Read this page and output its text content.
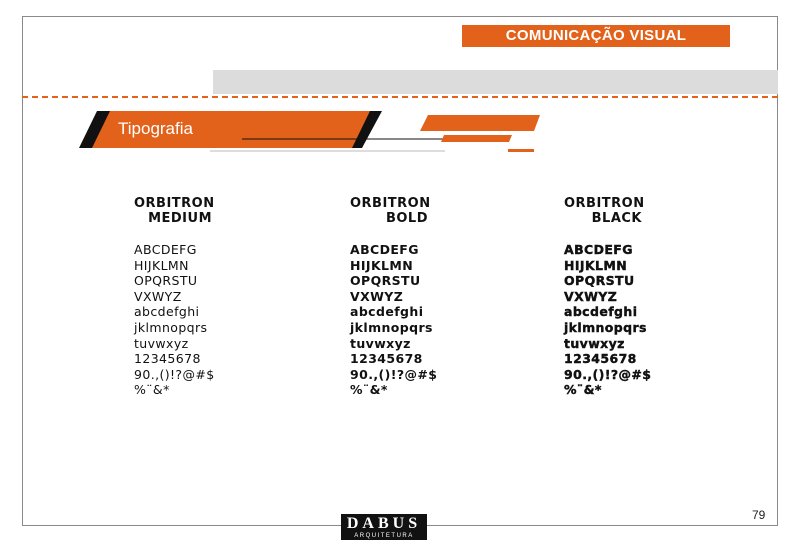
COMUNICAÇÃO VISUAL
Tipografia
ORBITRON
MEDIUM
ABCDEFG
HIJKLMN
OPQRSTU
VXWYZ
abcdefghi
jklmnopqrs
tuvwxyz
12345678
90.,()!?@#$
%¨&*
ORBITRON
BOLD
ABCDEFG
HIJKLMN
OPQRSTU
VXWYZ
abcdefghi
jklmnopqrs
tuvwxyz
12345678
90.,()!?@#$
%¨&*
ORBITRON
BLACK
ABCDEFG
HIJKLMN
OPQRSTU
VXWYZ
abcdefghi
jklmnopqrs
tuvwxyz
12345678
90.,()!?@#$
%¨&*
79
DABUS
ARQUITETURA
